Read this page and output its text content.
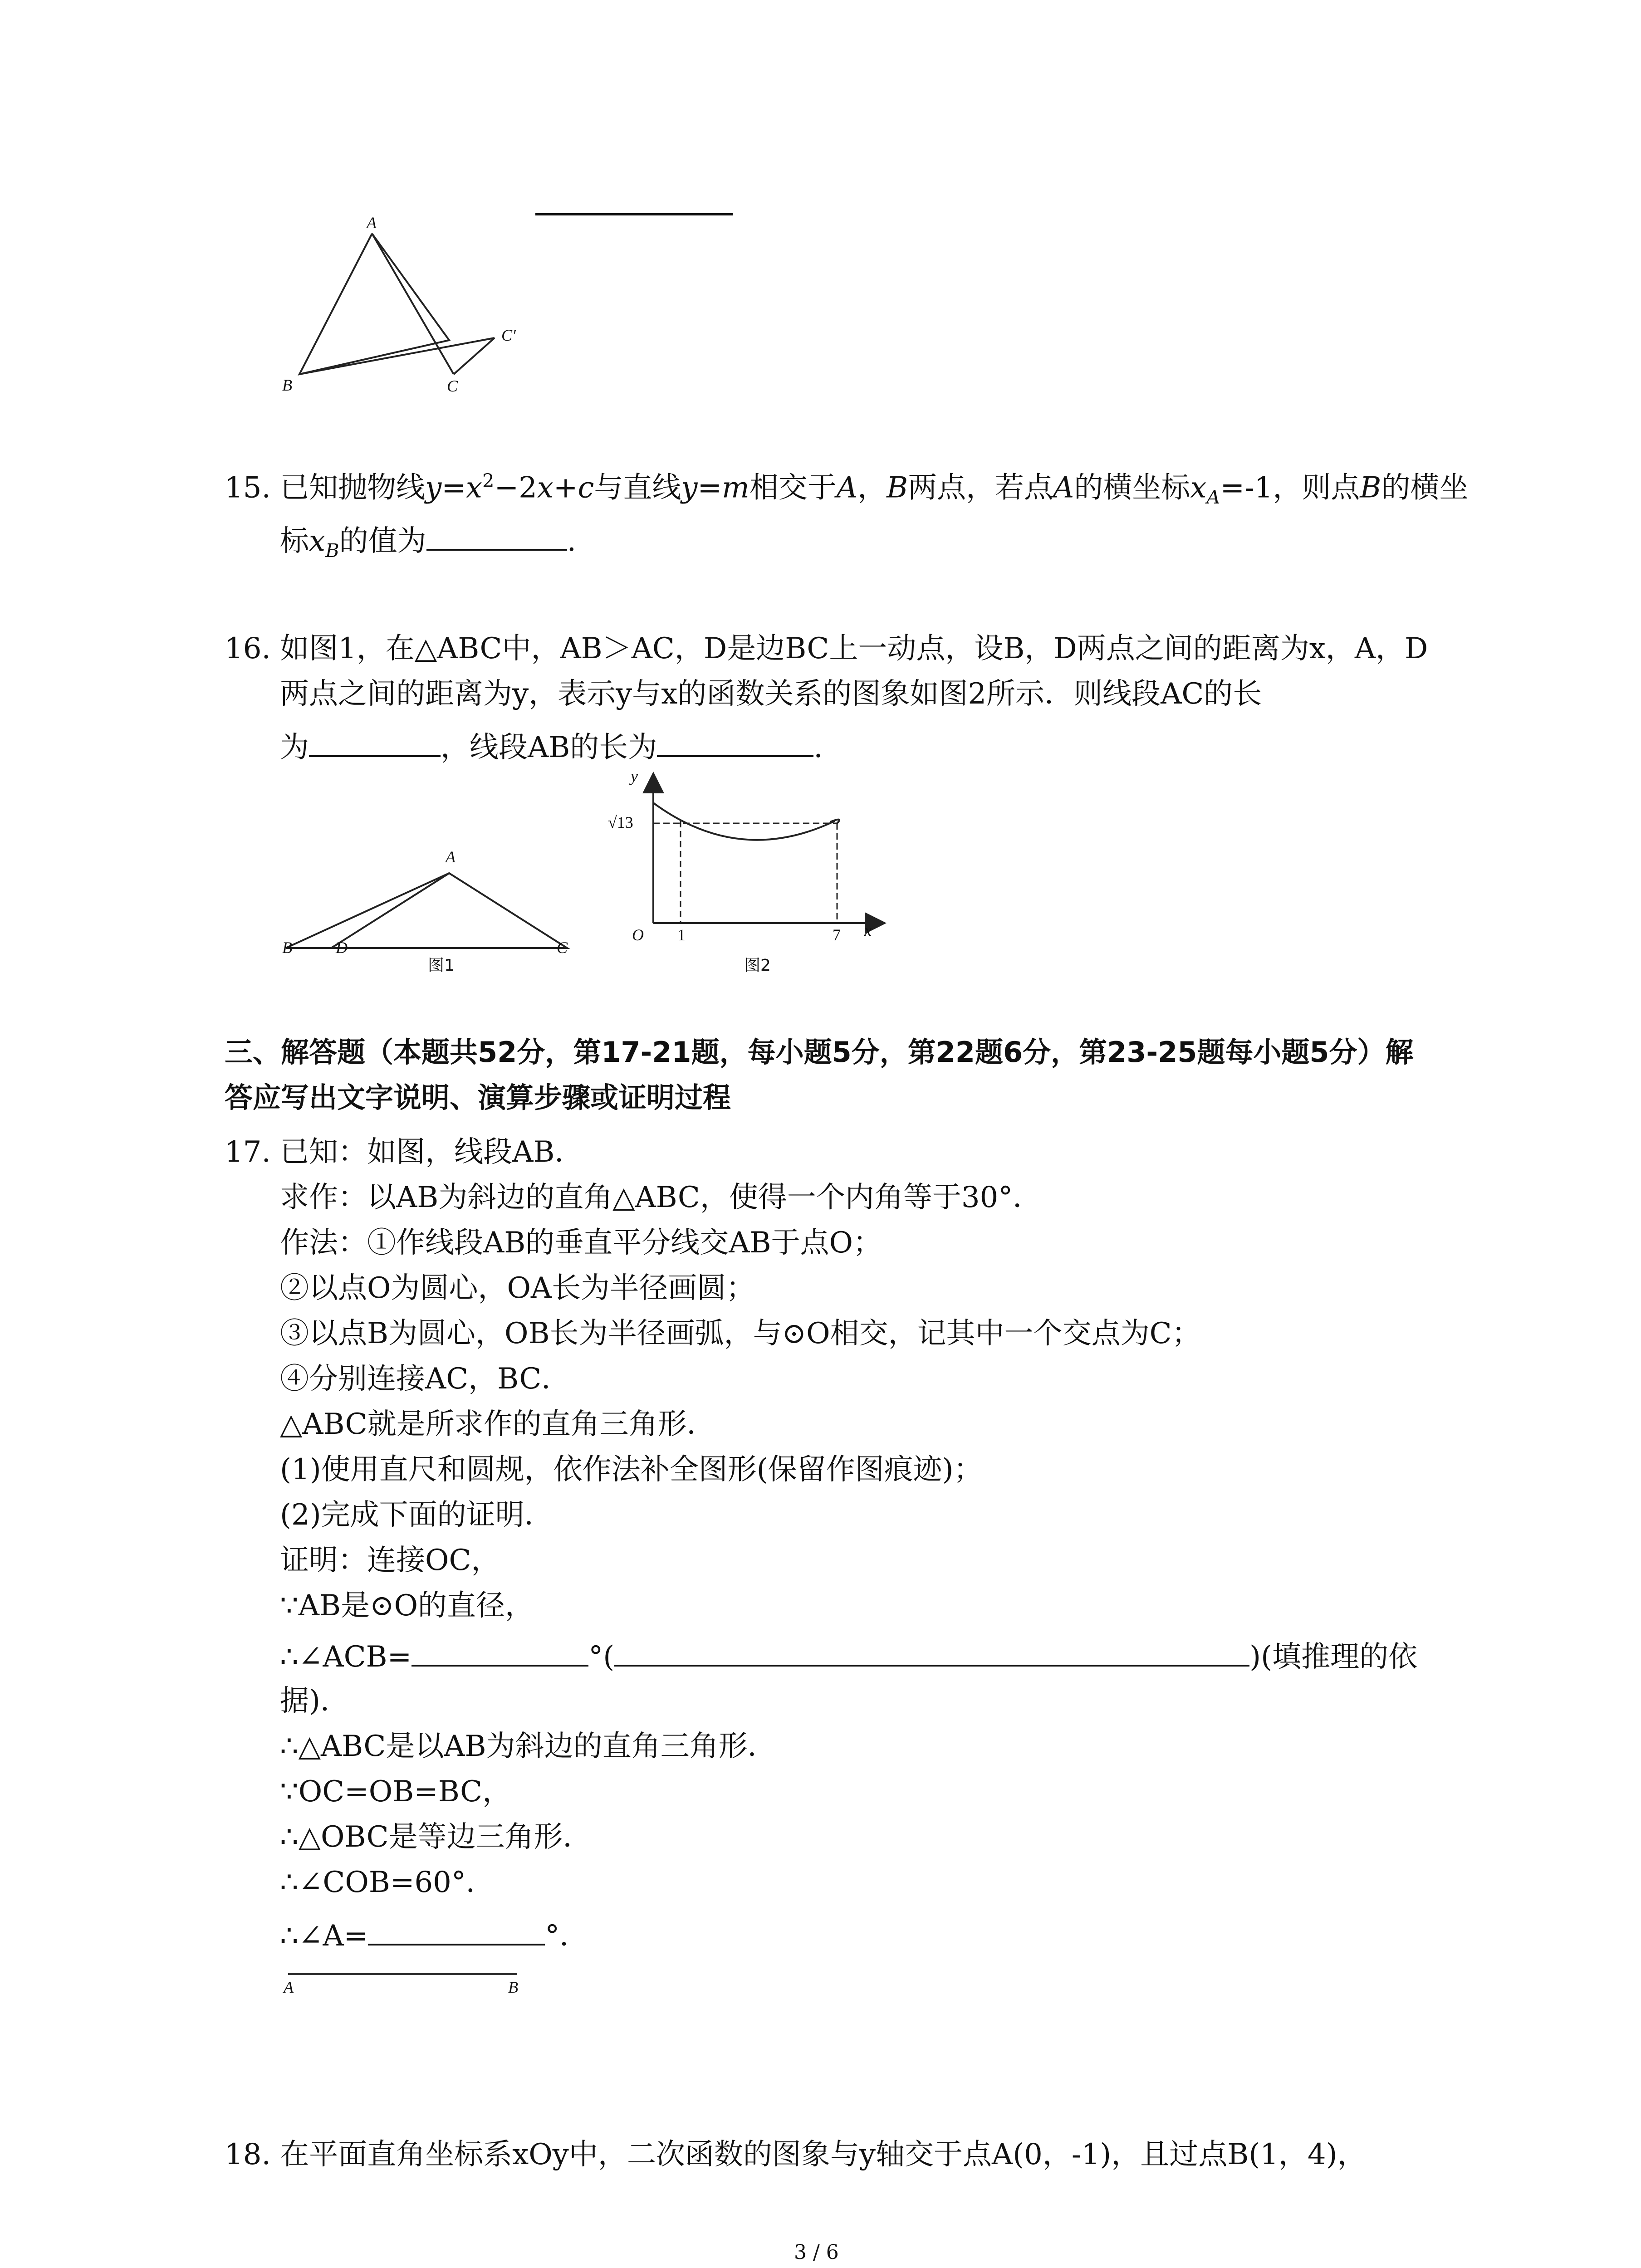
A
B	C
C′
15. 已知抛物线$y=x^2-2x+c$与直线y=m相交于A，B两点，若点A的横坐标$x_A=-1$，则点B的横坐
标$x_B$的值为	.
16. 如图1，在△ABC中，AB＞AC，D是边BC上一动点，设B，D两点之间的距离为x，A，D
两点之间的距离为y，表示y与x的函数关系的图象如图2所示．则线段AC的长
为	，线段AB的长为	.
A
B	D	C
图1
y
√13
O 1	7 x
图2
三、解答题（本题共52分，第17-21题，每小题5分，第22题6分，第23-25题每小题5分）解
答应写出文字说明、演算步骤或证明过程
17. 已知：如图，线段AB．
求作：以AB为斜边的直角△ABC，使得一个内角等于30°．
作法：①作线段AB的垂直平分线交AB于点O；
②以点O为圆心，OA长为半径画圆；
③以点B为圆心，OB长为半径画弧，与⊙O相交，记其中一个交点为C；
④分别连接AC，BC．
△ABC就是所求作的直角三角形．
(1)使用直尺和圆规，依作法补全图形(保留作图痕迹)；
(2)完成下面的证明．
证明：连接OC，
∵AB是⊙O的直径，
∴∠ACB=	°(	)(填推理的依
据)．
∴△ABC是以AB为斜边的直角三角形．
∵OC=OB=BC，
∴△OBC是等边三角形．
∴∠COB=60°．
∴∠A=	°．
A	B
18. 在平面直角坐标系xOy中，二次函数的图象与y轴交于点A(0，-1)，且过点B(1，4)，
3 / 6
